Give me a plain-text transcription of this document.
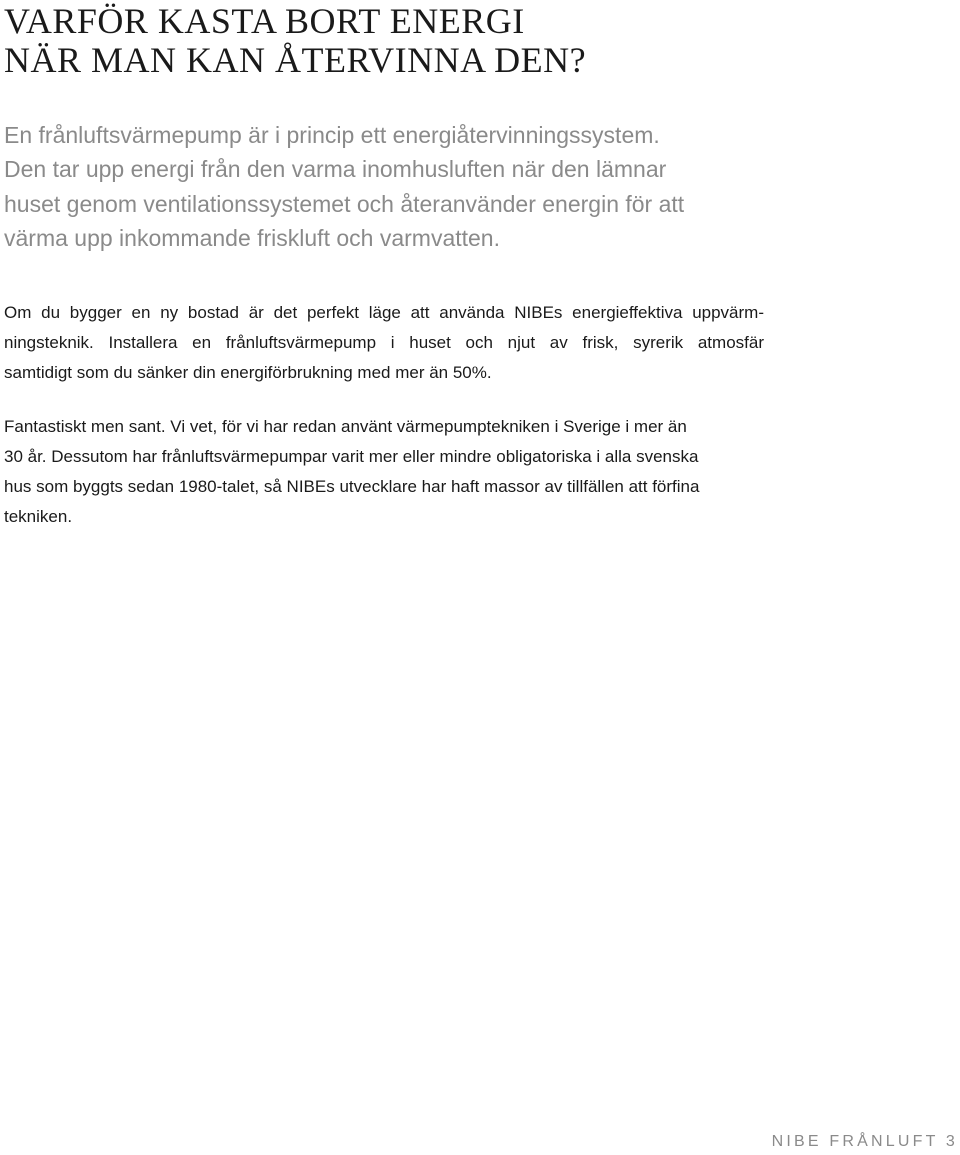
VARFÖR KASTA BORT ENERGI
NÄR MAN KAN ÅTERVINNA DEN?

En frånluftsvärmepump är i princip ett energiåtervinningssystem.
Den tar upp energi från den varma inomhusluften när den lämnar
huset genom ventilationssystemet och återanvänder energin för att
värma upp inkommande friskluft och varmvatten.

Om du bygger en ny bostad är det perfekt läge att använda NIBEs energieffektiva uppvärm-
ningsteknik. Installera en frånluftsvärmepump i huset och njut av frisk, syrerik atmosfär
samtidigt som du sänker din energiförbrukning med mer än 50%.

Fantastiskt men sant. Vi vet, för vi har redan använt värmepumptekniken i Sverige i mer än
30 år. Dessutom har frånluftsvärmepumpar varit mer eller mindre obligatoriska i alla svenska
hus som byggts sedan 1980-talet, så NIBEs utvecklare har haft massor av tillfällen att förfina
tekniken.

NIBE FRÅNLUFT 3
